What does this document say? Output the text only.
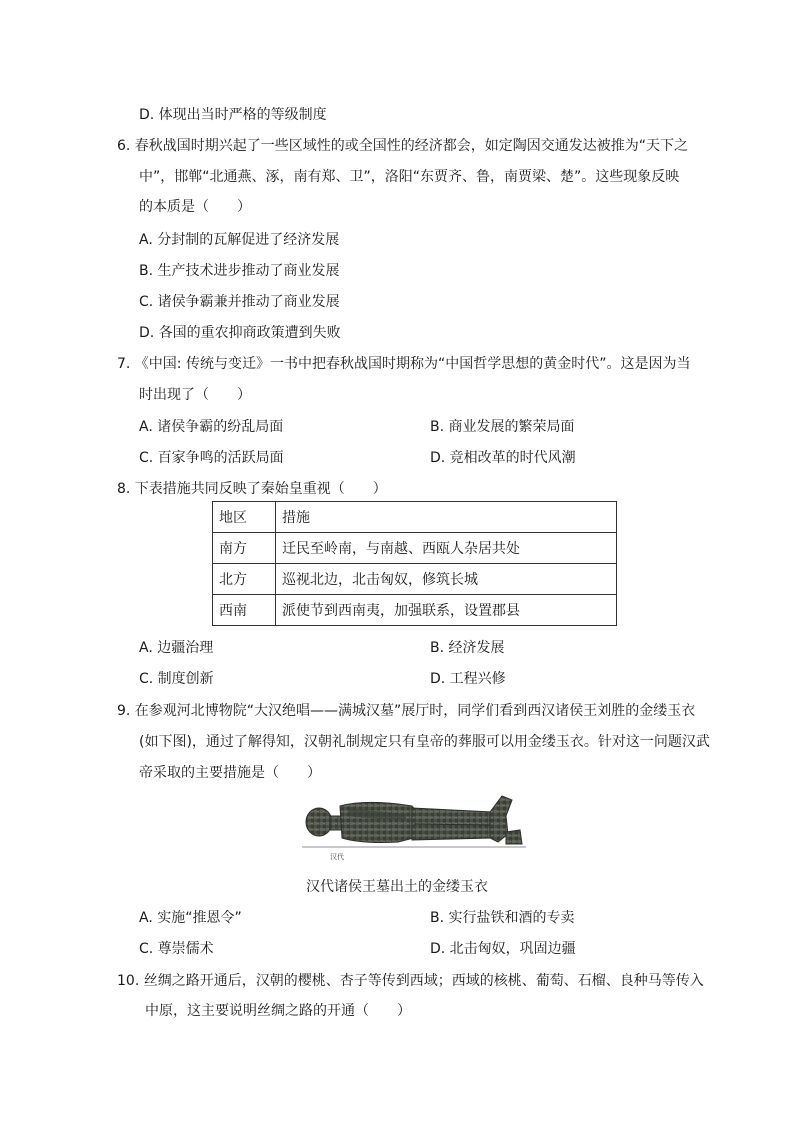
D. 体现出当时严格的等级制度
6. 春秋战国时期兴起了一些区域性的或全国性的经济都会，如定陶因交通发达被推为“天下之
中”，邯郸“北通燕、涿，南有郑、卫”，洛阳“东贾齐、鲁，南贾梁、楚”。这些现象反映
的本质是（　　）
A. 分封制的瓦解促进了经济发展
B. 生产技术进步推动了商业发展
C. 诸侯争霸兼并推动了商业发展
D. 各国的重农抑商政策遭到失败
7. 《中国: 传统与变迁》一书中把春秋战国时期称为“中国哲学思想的黄金时代”。这是因为当
时出现了（　　）
A. 诸侯争霸的纷乱局面	B. 商业发展的繁荣局面
C. 百家争鸣的活跃局面	D. 竞相改革的时代风潮
8. 下表措施共同反映了秦始皇重视（　　）
地区	措施
南方	迁民至岭南，与南越、西瓯人杂居共处
北方	巡视北边，北击匈奴，修筑长城
西南	派使节到西南夷，加强联系，设置郡县
A. 边疆治理	B. 经济发展
C. 制度创新	D. 工程兴修
9. 在参观河北博物院“大汉绝唱——满城汉墓”展厅时，同学们看到西汉诸侯王刘胜的金缕玉衣
(如下图)，通过了解得知，汉朝礼制规定只有皇帝的葬服可以用金缕玉衣。针对这一问题汉武
帝采取的主要措施是（　　）
汉代
汉代诸侯王墓出土的金缕玉衣
A. 实施“推恩令”	B. 实行盐铁和酒的专卖
C. 尊崇儒术	D. 北击匈奴，巩固边疆
10. 丝绸之路开通后，汉朝的樱桃、杏子等传到西域；西域的核桃、葡萄、石榴、良种马等传入
中原，这主要说明丝绸之路的开通（　　）
